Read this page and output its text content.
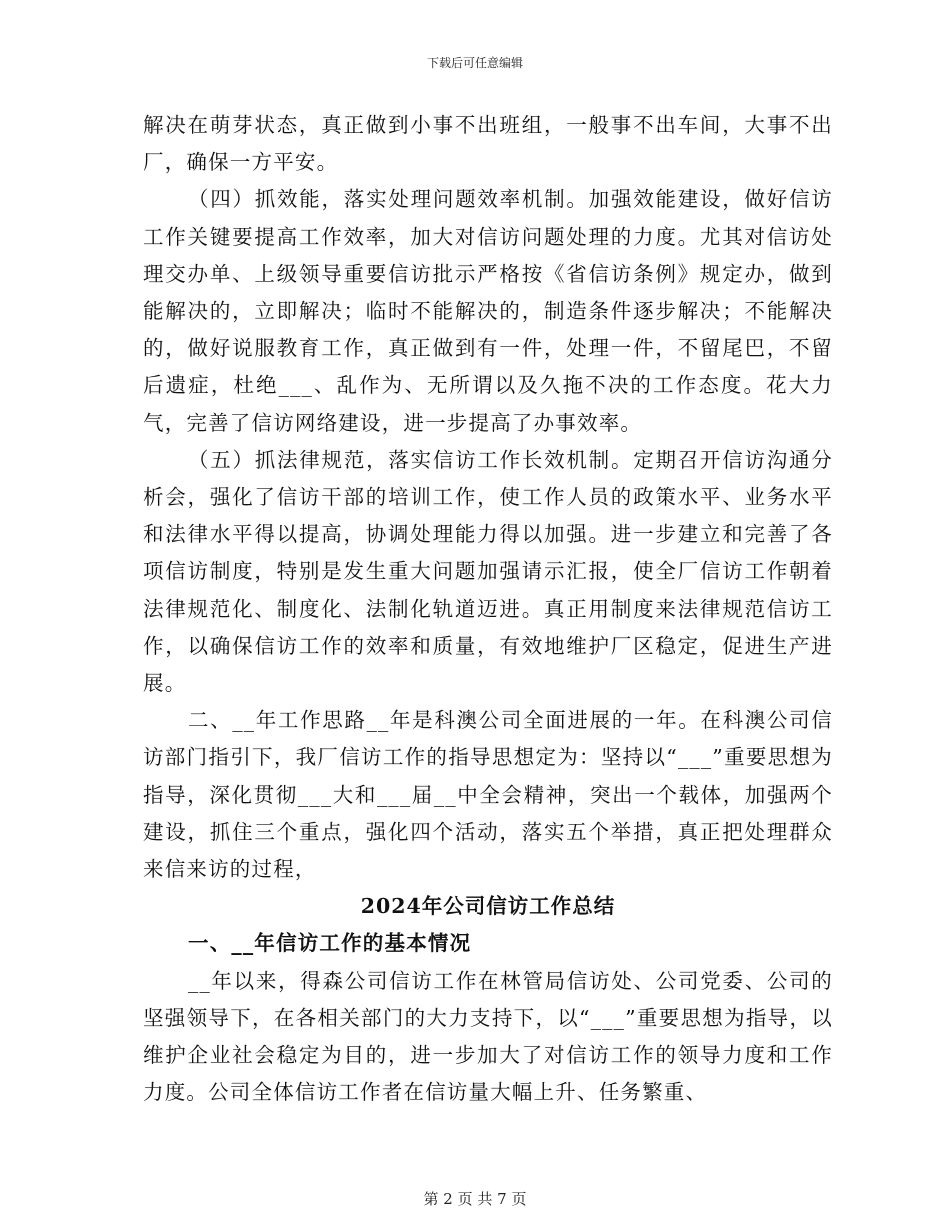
下载后可任意编辑

解决在萌芽状态，真正做到小事不出班组，一般事不出车间，大事不出厂，确保一方平安。

（四）抓效能，落实处理问题效率机制。加强效能建设，做好信访工作关键要提高工作效率，加大对信访问题处理的力度。尤其对信访处理交办单、上级领导重要信访批示严格按《省信访条例》规定办，做到能解决的，立即解决；临时不能解决的，制造条件逐步解决；不能解决的，做好说服教育工作，真正做到有一件，处理一件，不留尾巴，不留后遗症，杜绝___、乱作为、无所谓以及久拖不决的工作态度。花大力气，完善了信访网络建设，进一步提高了办事效率。

（五）抓法律规范，落实信访工作长效机制。定期召开信访沟通分析会，强化了信访干部的培训工作，使工作人员的政策水平、业务水平和法律水平得以提高，协调处理能力得以加强。进一步建立和完善了各项信访制度，特别是发生重大问题加强请示汇报，使全厂信访工作朝着法律规范化、制度化、法制化轨道迈进。真正用制度来法律规范信访工作，以确保信访工作的效率和质量，有效地维护厂区稳定，促进生产进展。

二、__年工作思路__年是科澳公司全面进展的一年。在科澳公司信访部门指引下，我厂信访工作的指导思想定为：坚持以“___”重要思想为指导，深化贯彻___大和___届__中全会精神，突出一个载体，加强两个建设，抓住三个重点，强化四个活动，落实五个举措，真正把处理群众来信来访的过程，

2024年公司信访工作总结

一、__年信访工作的基本情况

__年以来，得森公司信访工作在林管局信访处、公司党委、公司的坚强领导下，在各相关部门的大力支持下，以“___”重要思想为指导，以维护企业社会稳定为目的，进一步加大了对信访工作的领导力度和工作力度。公司全体信访工作者在信访量大幅上升、任务繁重、

第 2 页 共 7 页
